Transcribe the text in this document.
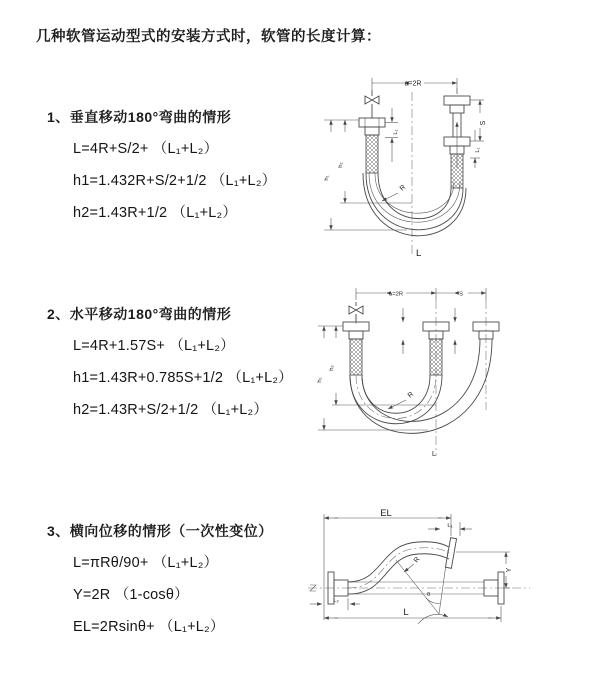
几种软管运动型式的安装方式时，软管的长度计算：
1、垂直移动180°弯曲的情形
L=4R+S/2+ （L₁+L₂）
h1=1.432R+S/2+1/2 （L₁+L₂）
h2=1.43R+1/2 （L₁+L₂）
a=2R
L₁
S
L₁
h₂
h₁
R
L
2、水平移动180°弯曲的情形
L=4R+1.57S+ （L₁+L₂）
h1=1.43R+0.785S+1/2 （L₁+L₂）
h2=1.43R+S/2+1/2 （L₁+L₂）
a=2R	S
h₂
h₁
R
L
3、横向位移的情形（一次性变位）
L=πRθ/90+ （L₁+L₂）
Y=2R （1-cosθ）
EL=2Rsinθ+ （L₁+L₂）
EL
L₁
L₂
Y
R
θ
L
